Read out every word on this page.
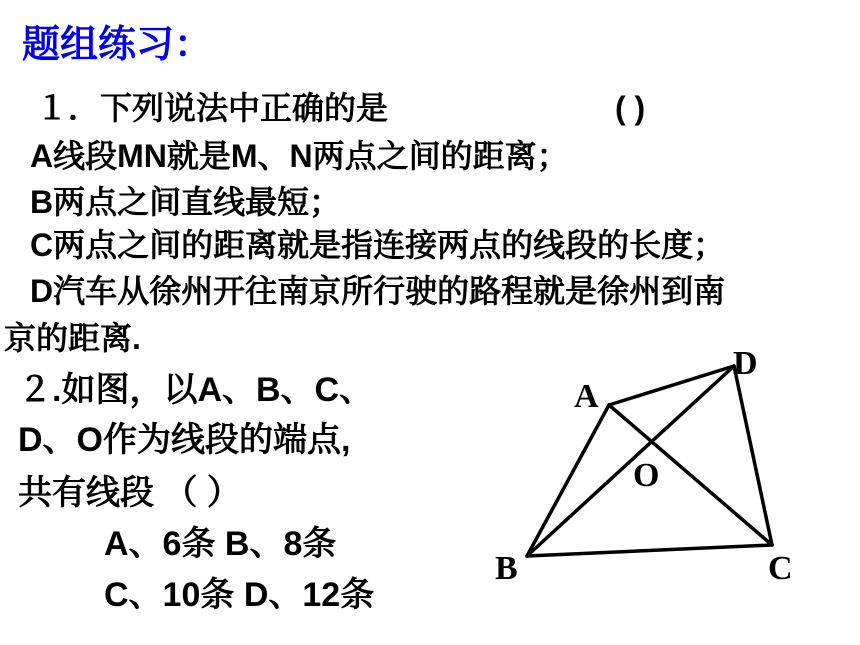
题组练习：
１．下列说法中正确的是	( )
A线段MN就是M、N两点之间的距离；
B两点之间直线最短；
C两点之间的距离就是指连接两点的线段的长度；
D汽车从徐州开往南京所行驶的路程就是徐州到南
京的距离.
２.如图，以A、B、C、
D、O作为线段的端点,
共有线段 （ ）
A、6条 B、8条
C、10条 D、12条
A
D
O
B	C
